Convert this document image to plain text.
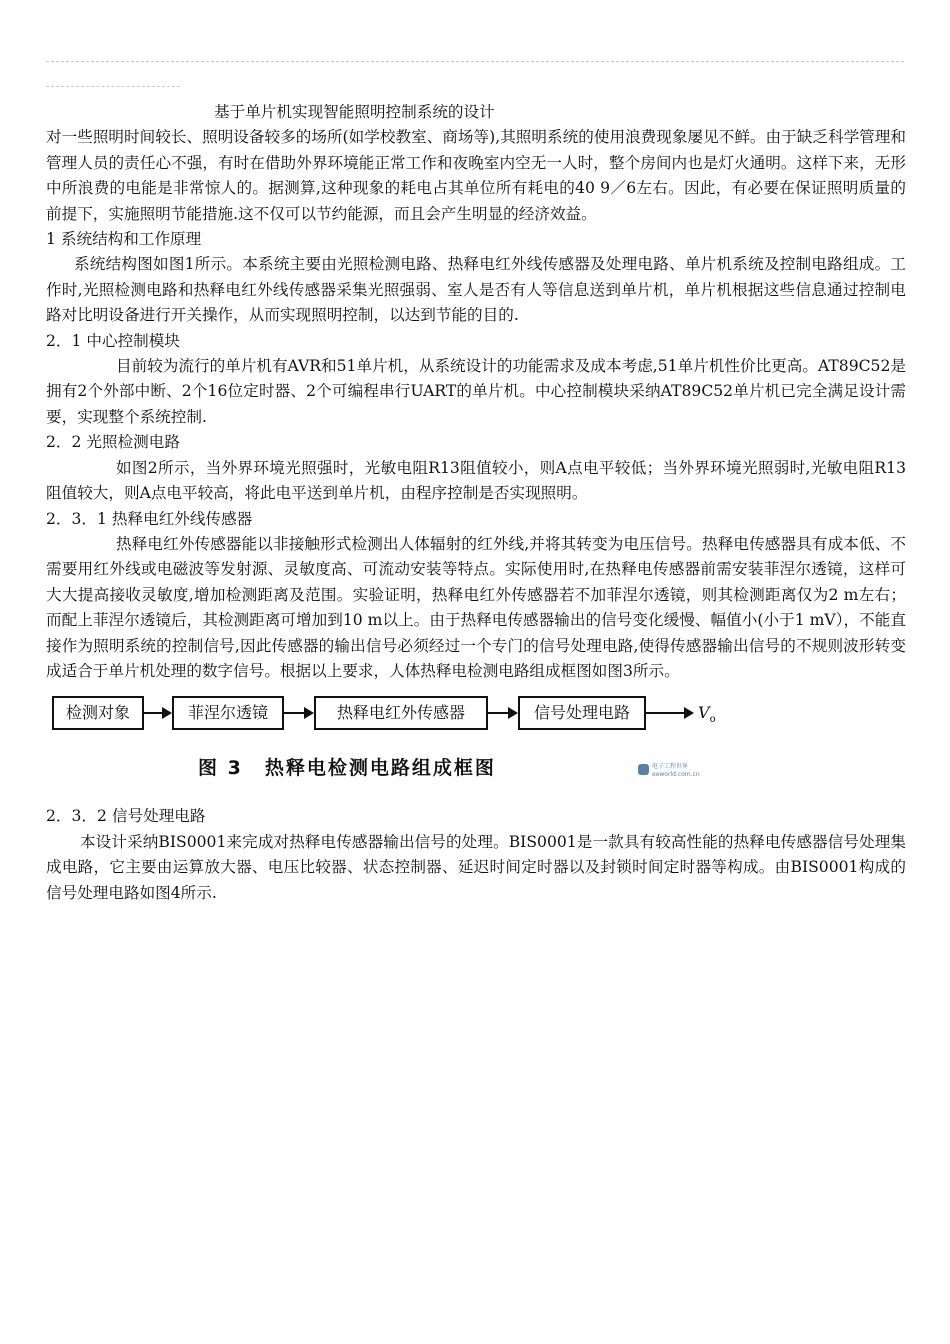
基于单片机实现智能照明控制系统的设计

对一些照明时间较长、照明设备较多的场所(如学校教室、商场等),其照明系统的使用浪费现象屡见不鲜。由于缺乏科学管理和管理人员的责任心不强，有时在借助外界环境能正常工作和夜晚室内空无一人时，整个房间内也是灯火通明。这样下来，无形中所浪费的电能是非常惊人的。据测算,这种现象的耗电占其单位所有耗电的40 9／6左右。因此，有必要在保证照明质量的前提下，实施照明节能措施.这不仅可以节约能源，而且会产生明显的经济效益。

1 系统结构和工作原理

系统结构图如图1所示。本系统主要由光照检测电路、热释电红外线传感器及处理电路、单片机系统及控制电路组成。工作时,光照检测电路和热释电红外线传感器采集光照强弱、室人是否有人等信息送到单片机，单片机根据这些信息通过控制电路对比明设备进行开关操作，从而实现照明控制，以达到节能的目的.

2．1 中心控制模块

目前较为流行的单片机有AVR和51单片机，从系统设计的功能需求及成本考虑,51单片机性价比更高。AT89C52是拥有2个外部中断、2个16位定时器、2个可编程串行UART的单片机。中心控制模块采纳AT89C52单片机已完全满足设计需要，实现整个系统控制.

2．2 光照检测电路

如图2所示，当外界环境光照强时，光敏电阻R13阻值较小，则A点电平较低；当外界环境光照弱时,光敏电阻R13阻值较大，则A点电平较高，将此电平送到单片机，由程序控制是否实现照明。

2．3．1 热释电红外线传感器

热释电红外传感器能以非接触形式检测出人体辐射的红外线,并将其转变为电压信号。热释电传感器具有成本低、不需要用红外线或电磁波等发射源、灵敏度高、可流动安装等特点。实际使用时,在热释电传感器前需安装菲涅尔透镜，这样可大大提高接收灵敏度,增加检测距离及范围。实验证明，热释电红外传感器若不加菲涅尔透镜，则其检测距离仅为2 m左右；而配上菲涅尔透镜后，其检测距离可增加到10 m以上。由于热释电传感器输出的信号变化缓慢、幅值小(小于1 mV），不能直接作为照明系统的控制信号,因此传感器的输出信号必须经过一个专门的信号处理电路,使得传感器输出信号的不规则波形转变成适合于单片机处理的数字信号。根据以上要求，人体热释电检测电路组成框图如图3所示。

检测对象	菲涅尔透镜	热释电红外传感器	信号处理电路	$V_o$
图 3 热释电检测电路组成框图	电子工程世界
eeworld.com.cn
2．3．2 信号处理电路

本设计采纳BIS0001来完成对热释电传感器输出信号的处理。BIS0001是一款具有较高性能的热释电传感器信号处理集成电路，它主要由运算放大器、电压比较器、状态控制器、延迟时间定时器以及封锁时间定时器等构成。由BIS0001构成的信号处理电路如图4所示.
